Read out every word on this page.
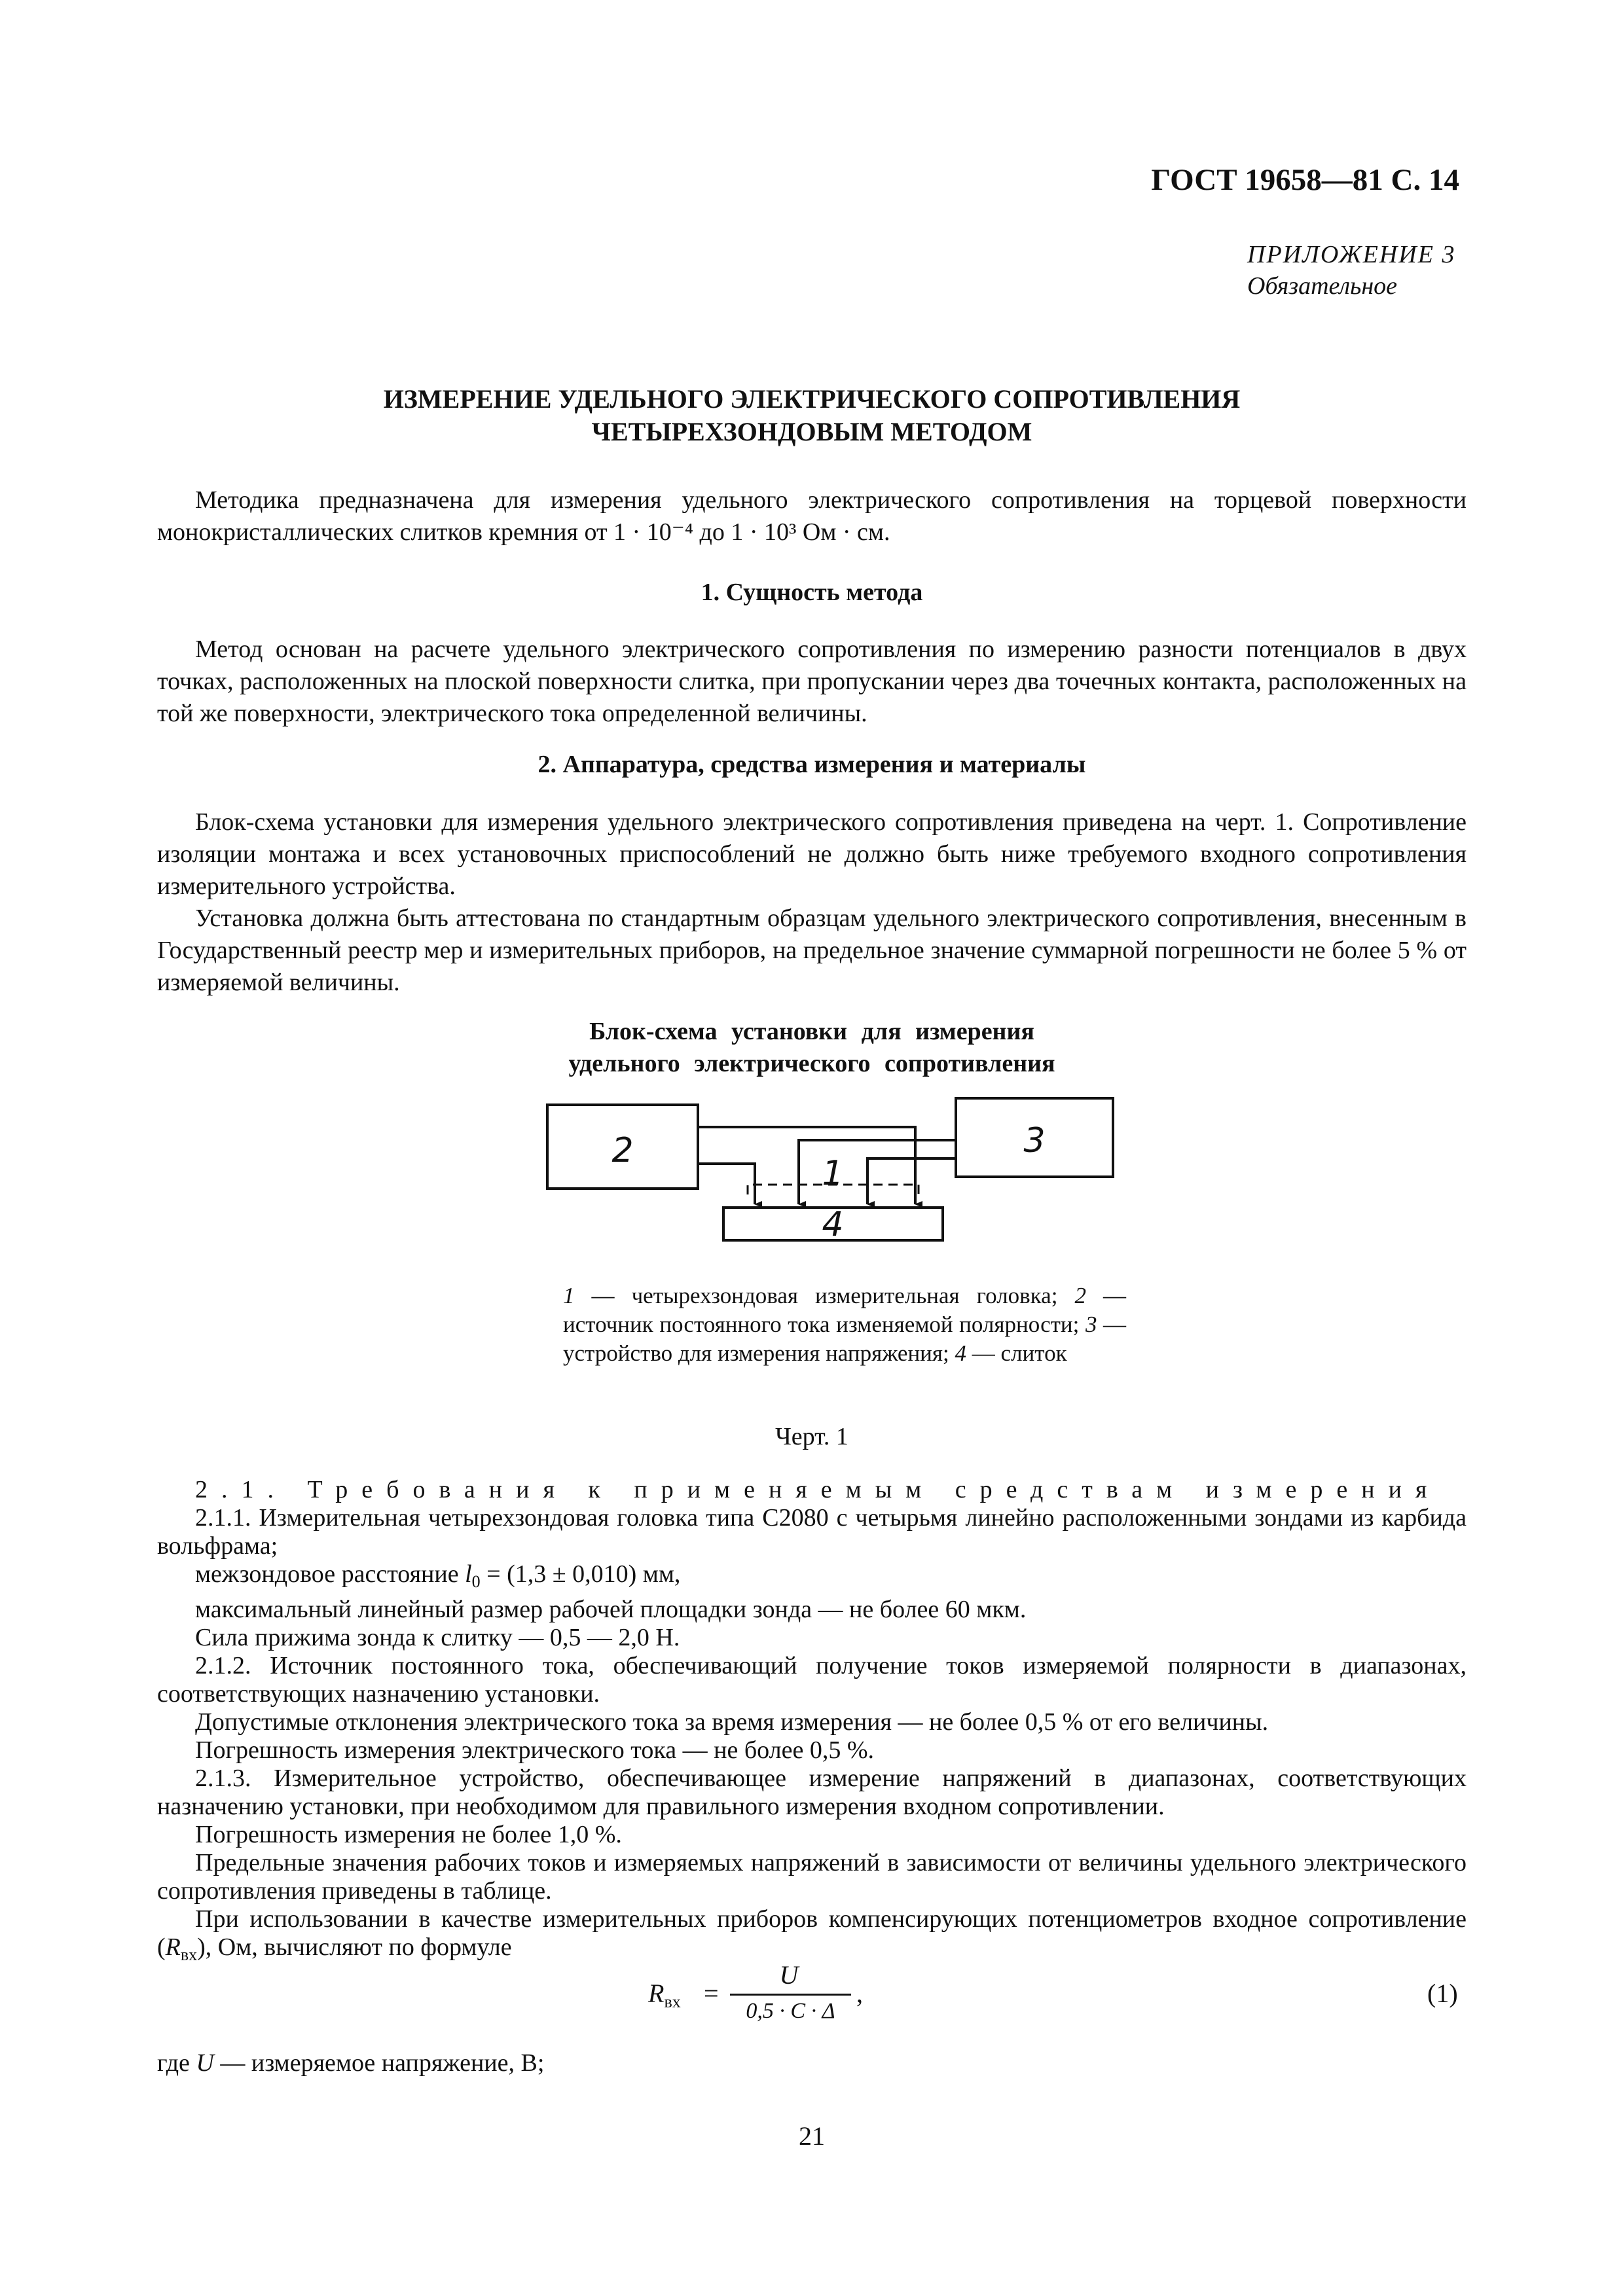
ГОСТ 19658—81 С. 14
ПРИЛОЖЕНИЕ 3
Обязательное
ИЗМЕРЕНИЕ УДЕЛЬНОГО ЭЛЕКТРИЧЕСКОГО СОПРОТИВЛЕНИЯ
ЧЕТЫРЕХЗОНДОВЫМ МЕТОДОМ

Методика предназначена для измерения удельного электрического сопротивления на торцевой поверхности монокристаллических слитков кремния от 1 · 10⁻⁴ до 1 · 10³ Ом · см.

1. Сущность метода

Метод основан на расчете удельного электрического сопротивления по измерению разности потенциалов в двух точках, расположенных на плоской поверхности слитка, при пропускании через два точечных контакта, расположенных на той же поверхности, электрического тока определенной величины.

2. Аппаратура, средства измерения и материалы

Блок-схема установки для измерения удельного электрического сопротивления приведена на черт. 1. Сопротивление изоляции монтажа и всех установочных приспособлений не должно быть ниже требуемого входного сопротивления измерительного устройства.

Установка должна быть аттестована по стандартным образцам удельного электрического сопротивления, внесенным в Государственный реестр мер и измерительных приборов, на предельное значение суммарной погрешности не более 5 % от измеряемой величины.

Блок-схема установки для измерения
удельного электрического сопротивления
2	3
1
4
1 — четырехзондовая измерительная головка; 2 — источник постоянного тока изменяемой полярности; 3 — устройство для измерения напряжения; 4 — слиток
Черт. 1

2.1. Требования к применяемым средствам измерения

2.1.1. Измерительная четырехзондовая головка типа С2080 с четырьмя линейно расположенными зондами из карбида вольфрама;

межзондовое расстояние $l_0 = (1,3 \pm 0,010)$ мм,

максимальный линейный размер рабочей площадки зонда — не более 60 мкм.

Сила прижима зонда к слитку — 0,5 — 2,0 Н.

2.1.2. Источник постоянного тока, обеспечивающий получение токов измеряемой полярности в диапазонах, соответствующих назначению установки.

Допустимые отклонения электрического тока за время измерения — не более 0,5 % от его величины.

Погрешность измерения электрического тока — не более 0,5 %.

2.1.3. Измерительное устройство, обеспечивающее измерение напряжений в диапазонах, соответствующих назначению установки, при необходимом для правильного измерения входном сопротивлении.

Погрешность измерения не более 1,0 %.

Предельные значения рабочих токов и измеряемых напряжений в зависимости от величины удельного электрического сопротивления приведены в таблице.

При использовании в качестве измерительных приборов компенсирующих потенциометров входное сопротивление $(R_{вх})$, Ом, вычисляют по формуле

$R_{вх}$ =
U
0,5 · C · Δ
,	(1)

где U — измеряемое напряжение, В;

21
